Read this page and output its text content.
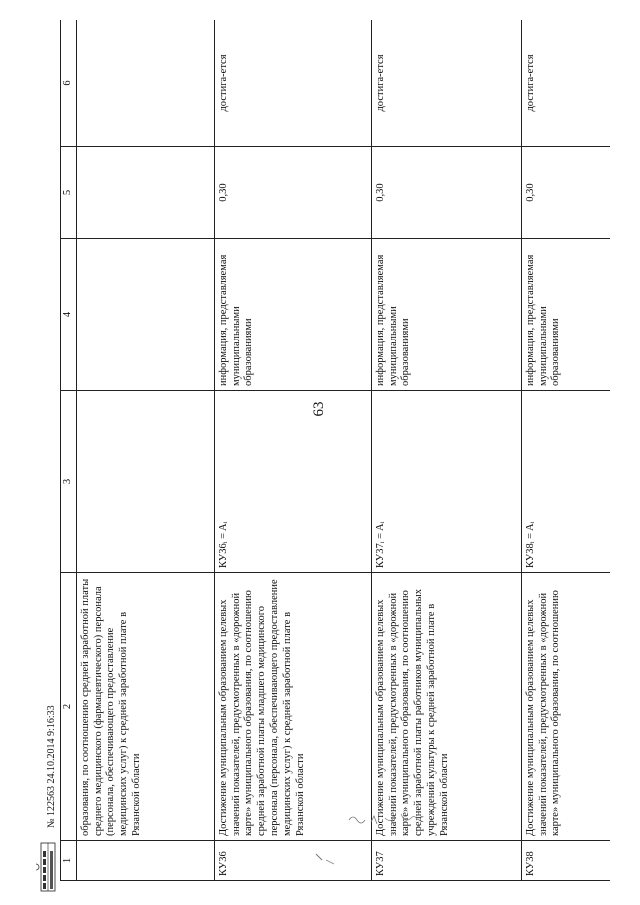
63
1	2	3	4	5	6
	образования, по соотношению средней заработной платы среднего медицинского (фармацевтического) персонала (персонала, обеспечивающего предоставление медицинских услуг) к средней заработной плате в Рязанской области				
КУ36	Достижение муниципальным образованием целевых значений показателей, предусмотренных в «дорожной карте» муниципального образования, по соотношению средней заработной платы младшего медицинского персонала (персонала, обеспечивающего предоставление медицинских услуг) к средней заработной плате в Рязанской области	КУ36ᵢ = Aᵢ	информация, представляемая муниципальными образованиями	0,30	достига-ется
КУ37	Достижение муниципальным образованием целевых значений показателей, предусмотренных в «дорожной карте» муниципального образования, по соотношению средней заработной платы работников муниципальных учреждений культуры к средней заработной плате в Рязанской области	КУ37ᵢ = Aᵢ	информация, представляемая муниципальными образованиями	0,30	достига-ется
КУ38	Достижение муниципальным образованием целевых значений показателей, предусмотренных в «дорожной карте» муниципального образования, по соотношению	КУ38ᵢ = Aᵢ	информация, представляемая муниципальными образованиями	0,30	достига-ется
№ 122563 24.10.2014 9:16:33
